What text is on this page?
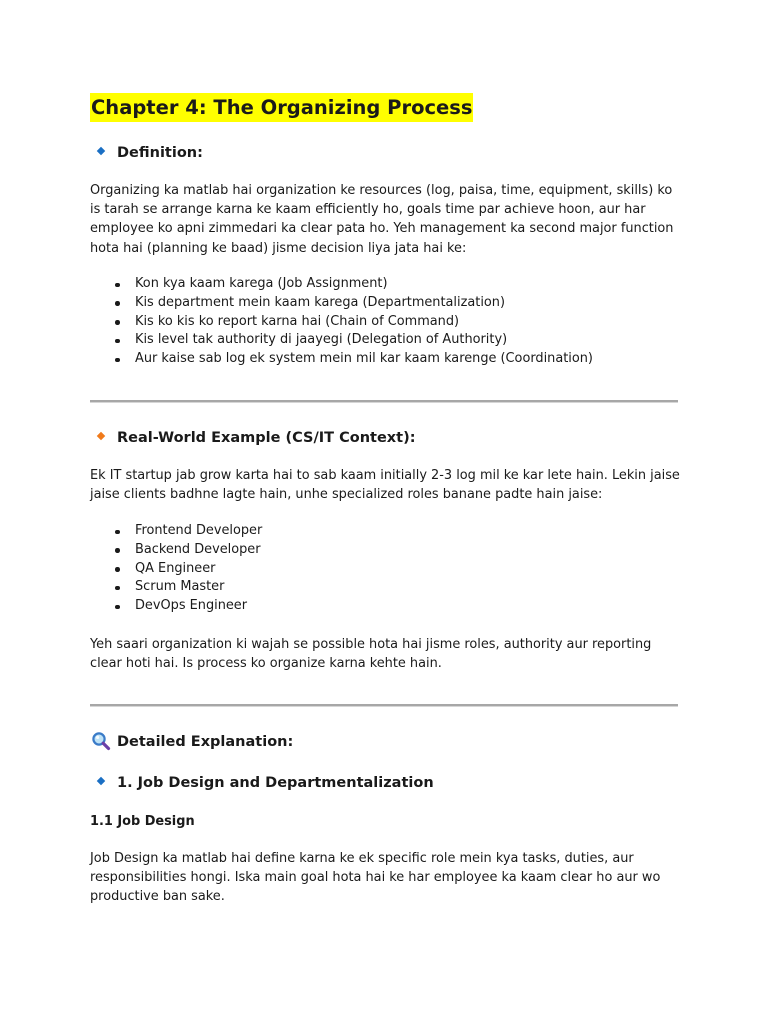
Chapter 4: The Organizing Process
Definition:
Organizing ka matlab hai organization ke resources (log, paisa, time, equipment, skills) ko
is tarah se arrange karna ke kaam efficiently ho, goals time par achieve hoon, aur har
employee ko apni zimmedari ka clear pata ho. Yeh management ka second major function
hota hai (planning ke baad) jisme decision liya jata hai ke:
Kon kya kaam karega (Job Assignment)
Kis department mein kaam karega (Departmentalization)
Kis ko kis ko report karna hai (Chain of Command)
Kis level tak authority di jaayegi (Delegation of Authority)
Aur kaise sab log ek system mein mil kar kaam karenge (Coordination)
Real-World Example (CS/IT Context):
Ek IT startup jab grow karta hai to sab kaam initially 2-3 log mil ke kar lete hain. Lekin jaise
jaise clients badhne lagte hain, unhe specialized roles banane padte hain jaise:
Frontend Developer
Backend Developer
QA Engineer
Scrum Master
DevOps Engineer
Yeh saari organization ki wajah se possible hota hai jisme roles, authority aur reporting
clear hoti hai. Is process ko organize karna kehte hain.
Detailed Explanation:
1. Job Design and Departmentalization
1.1 Job Design
Job Design ka matlab hai define karna ke ek specific role mein kya tasks, duties, aur
responsibilities hongi. Iska main goal hota hai ke har employee ka kaam clear ho aur wo
productive ban sake.
